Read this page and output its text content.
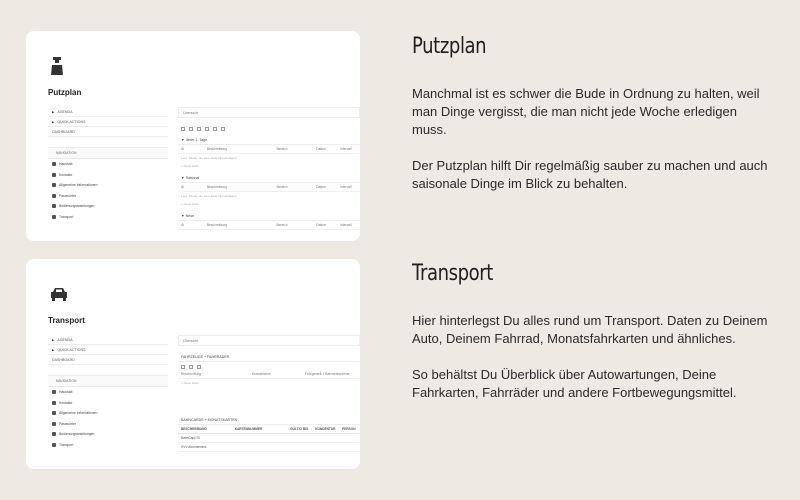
Putzplan
▶ AGENDA
▶ QUICK ACTIONS
DASHBOARD
NAVIGATION
Haushalt
Kontakte
Allgemeine Informationen
Passwörter
Bedienungsanleitungen
Transport
Übersicht
▼ Jeder 1. Tage
⚙	Beschreibung	Bereich	Datum	Intervall
Leer. Klicke, um eine Zeile hinzuzufügen
+ Neue Zeile
▼ Saisonal
⚙	Beschreibung	Bereich	Datum	Intervall
Leer. Klicke, um eine Zeile hinzuzufügen
+ Neue Zeile
▼ Neue
⚙	Beschreibung	Bereich	Datum	Intervall
Transport
▶ AGENDA
▶ QUICK ACTIONS
DASHBOARD
NAVIGATION
Haushalt
Kontakte
Allgemeine Informationen
Passwörter
Bedienungsanleitungen
Transport
Übersicht
FAHRZEUGE + FAHRRÄDER
Beschreibung	Kennzeichen	Fahrgestell- / Rahmennummer
+ Neue Zeile
BAHNCARDS + MONATSKARTEN
BESCHREIBUNG	KARTENNUMMER	GÜLTIG BIS	KUNDENTUR	PERSON
BahnCard 25
HVV Abonnement
Putzplan

Manchmal ist es schwer die Bude in Ordnung zu halten, weil man Dinge vergisst, die man nicht jede Woche erledigen muss.

Der Putzplan hilft Dir regelmäßig sauber zu machen und auch saisonale Dinge im Blick zu behalten.

Transport

Hier hinterlegst Du alles rund um Transport. Daten zu Deinem Auto, Deinem Fahrrad, Monatsfahrkarten und ähnliches.

So behältst Du Überblick über Autowartungen, Deine Fahrkarten, Fahrräder und andere Fortbewegungsmittel.
